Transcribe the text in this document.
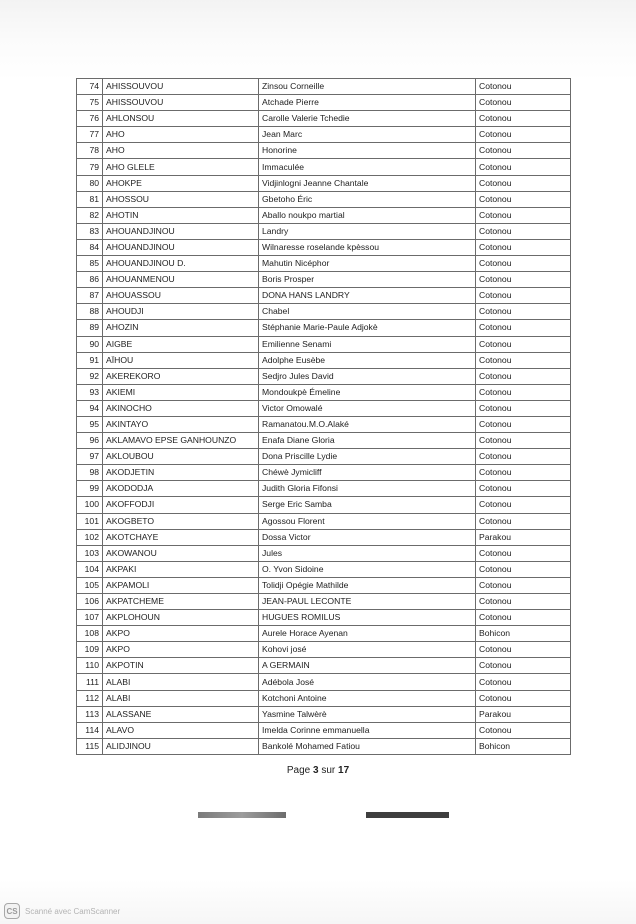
74	AHISSOUVOU	Zinsou Corneille	Cotonou
75	AHISSOUVOU	Atchade Pierre	Cotonou
76	AHLONSOU	Carolle Valerie Tchedie	Cotonou
77	AHO	Jean Marc	Cotonou
78	AHO	Honorine	Cotonou
79	AHO GLELE	Immaculée	Cotonou
80	AHOKPE	Vidjinlogni Jeanne Chantale	Cotonou
81	AHOSSOU	Gbetoho Éric	Cotonou
82	AHOTIN	Aballo noukpo martial	Cotonou
83	AHOUANDJINOU	Landry	Cotonou
84	AHOUANDJINOU	Wilnaresse roselande kpèssou	Cotonou
85	AHOUANDJINOU D.	Mahutin Nicéphor	Cotonou
86	AHOUANMENOU	Boris Prosper	Cotonou
87	AHOUASSOU	DONA HANS LANDRY	Cotonou
88	AHOUDJI	Chabel	Cotonou
89	AHOZIN	Stéphanie Marie-Paule Adjokè	Cotonou
90	AIGBE	Emilienne Senami	Cotonou
91	AÏHOU	Adolphe Eusèbe	Cotonou
92	AKEREKORO	Sedjro Jules David	Cotonou
93	AKIEMI	Mondoukpè Émeline	Cotonou
94	AKINOCHO	Victor Omowalé	Cotonou
95	AKINTAYO	Ramanatou.M.O.Alaké	Cotonou
96	AKLAMAVO EPSE GANHOUNZO	Enafa Diane Gloria	Cotonou
97	AKLOUBOU	Dona Priscille Lydie	Cotonou
98	AKODJETIN	Chéwè Jymicliff	Cotonou
99	AKODODJA	Judith Gloria Fifonsi	Cotonou
100	AKOFFODJI	Serge Eric Samba	Cotonou
101	AKOGBETO	Agossou Florent	Cotonou
102	AKOTCHAYE	Dossa Victor	Parakou
103	AKOWANOU	Jules	Cotonou
104	AKPAKI	O. Yvon Sidoine	Cotonou
105	AKPAMOLI	Tolidji Opégie Mathilde	Cotonou
106	AKPATCHEME	JEAN-PAUL LECONTE	Cotonou
107	AKPLOHOUN	HUGUES ROMILUS	Cotonou
108	AKPO	Aurele Horace Ayenan	Bohicon
109	AKPO	Kohovi josé	Cotonou
110	AKPOTIN	A GERMAIN	Cotonou
111	ALABI	Adébola José	Cotonou
112	ALABI	Kotchoni Antoine	Cotonou
113	ALASSANE	Yasmine Talwèrè	Parakou
114	ALAVO	Imelda Corinne emmanuella	Cotonou
115	ALIDJINOU	Bankolé Mohamed Fatiou	Bohicon
Page 3 sur 17
CS Scanné avec CamScanner
